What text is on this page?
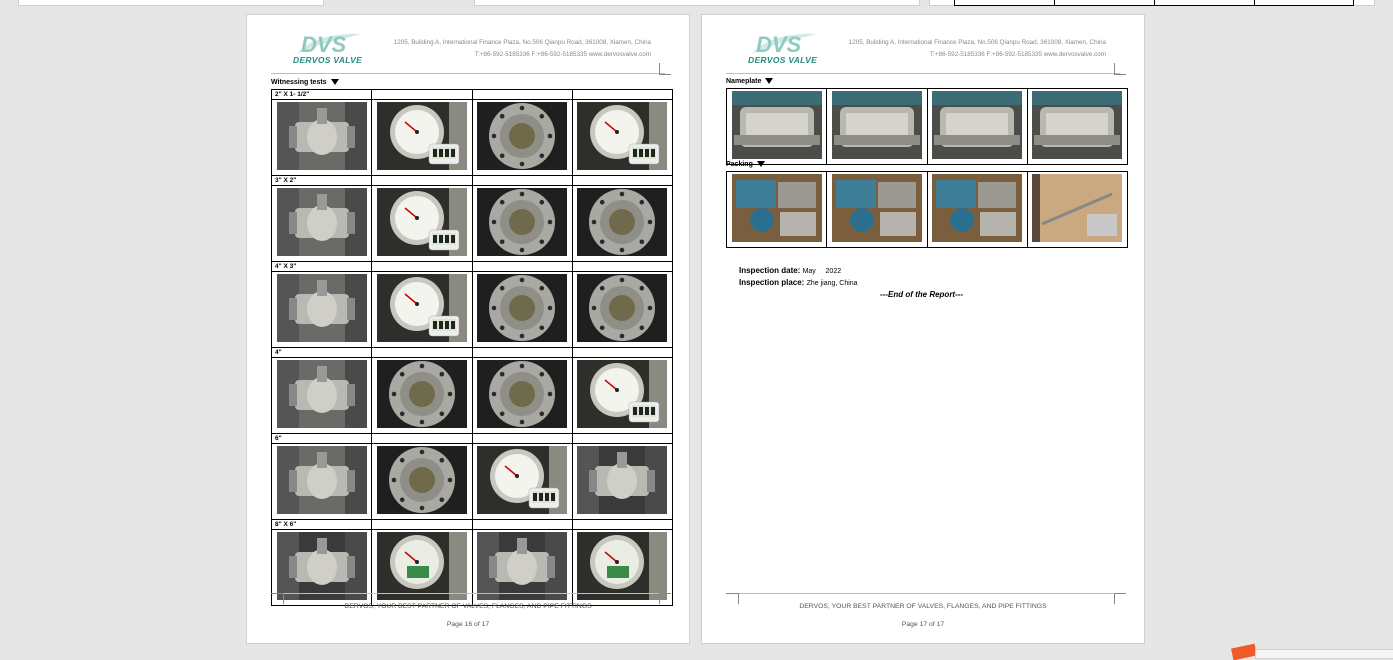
DVS
DERVOS VALVE
1205, Building A, International Finance Plaza, No.506 Qianpu Road, 361008, Xiamen, China
T:+86-592-5185336 F:+86-592-5185335 www.dervosvalve.com
Witnessing tests
2" X 1- 1/2"			

3" X 2"			

4" X 3"			

4"			

6"			

8" X 6"			

DERVOS, YOUR BEST PARTNER OF VALVES, FLANGES, AND PIPE FITTINGS
Page 16 of 17
DVS
DERVOS VALVE
1205, Building A, International Finance Plaza, No.506 Qianpu Road, 361008, Xiamen, China
T:+86-592-5185336 F:+86-592-5185335 www.dervosvalve.com
Nameplate

Packing

Inspection date: May     2022
Inspection place: Zhe jiang, China
---End of the Report---
DERVOS, YOUR BEST PARTNER OF VALVES, FLANGES, AND PIPE FITTINGS
Page 17 of 17
